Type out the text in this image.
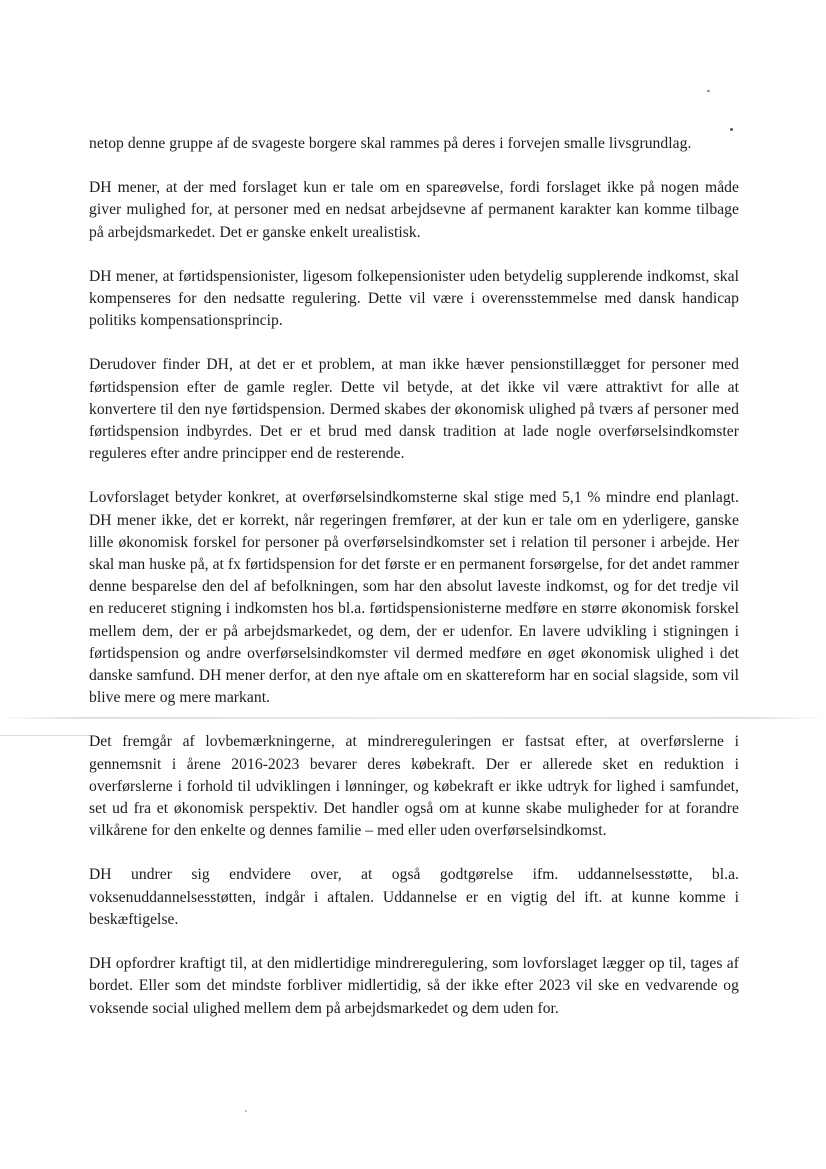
netop denne gruppe af de svageste borgere skal rammes på deres i forvejen smalle livsgrundlag.

DH mener, at der med forslaget kun er tale om en spareøvelse, fordi forslaget ikke på nogen måde giver mulighed for, at personer med en nedsat arbejdsevne af permanent karakter kan komme tilbage på arbejdsmarkedet. Det er ganske enkelt urealistisk.

DH mener, at førtidspensionister, ligesom folkepensionister uden betydelig supplerende indkomst, skal kompenseres for den nedsatte regulering. Dette vil være i overensstemmelse med dansk handicap politiks kompensationsprincip.

Derudover finder DH, at det er et problem, at man ikke hæver pensionstillægget for personer med førtidspension efter de gamle regler. Dette vil betyde, at det ikke vil være attraktivt for alle at konvertere til den nye førtidspension. Dermed skabes der økonomisk ulighed på tværs af personer med førtidspension indbyrdes. Det er et brud med dansk tradition at lade nogle overførselsindkomster reguleres efter andre principper end de resterende.

Lovforslaget betyder konkret, at overførselsindkomsterne skal stige med 5,1 % mindre end planlagt. DH mener ikke, det er korrekt, når regeringen fremfører, at der kun er tale om en yderligere, ganske lille økonomisk forskel for personer på overførselsindkomster set i relation til personer i arbejde. Her skal man huske på, at fx førtidspension for det første er en permanent forsørgelse, for det andet rammer denne besparelse den del af befolkningen, som har den absolut laveste indkomst, og for det tredje vil en reduceret stigning i indkomsten hos bl.a. førtidspensionisterne medføre en større økonomisk forskel mellem dem, der er på arbejdsmarkedet, og dem, der er udenfor. En lavere udvikling i stigningen i førtidspension og andre overførselsindkomster vil dermed medføre en øget økonomisk ulighed i det danske samfund. DH mener derfor, at den nye aftale om en skattereform har en social slagside, som vil blive mere og mere markant.

Det fremgår af lovbemærkningerne, at mindrereguleringen er fastsat efter, at overførslerne i gennemsnit i årene 2016-2023 bevarer deres købekraft. Der er allerede sket en reduktion i overførslerne i forhold til udviklingen i lønninger, og købekraft er ikke udtryk for lighed i samfundet, set ud fra et økonomisk perspektiv. Det handler også om at kunne skabe muligheder for at forandre vilkårene for den enkelte og dennes familie – med eller uden overførselsindkomst.

DH undrer sig endvidere over, at også godtgørelse ifm. uddannelsesstøtte, bl.a. voksenuddannelsesstøtten, indgår i aftalen. Uddannelse er en vigtig del ift. at kunne komme i beskæftigelse.

DH opfordrer kraftigt til, at den midlertidige mindreregulering, som lovforslaget lægger op til, tages af bordet. Eller som det mindste forbliver midlertidig, så der ikke efter 2023 vil ske en vedvarende og voksende social ulighed mellem dem på arbejdsmarkedet og dem uden for.
